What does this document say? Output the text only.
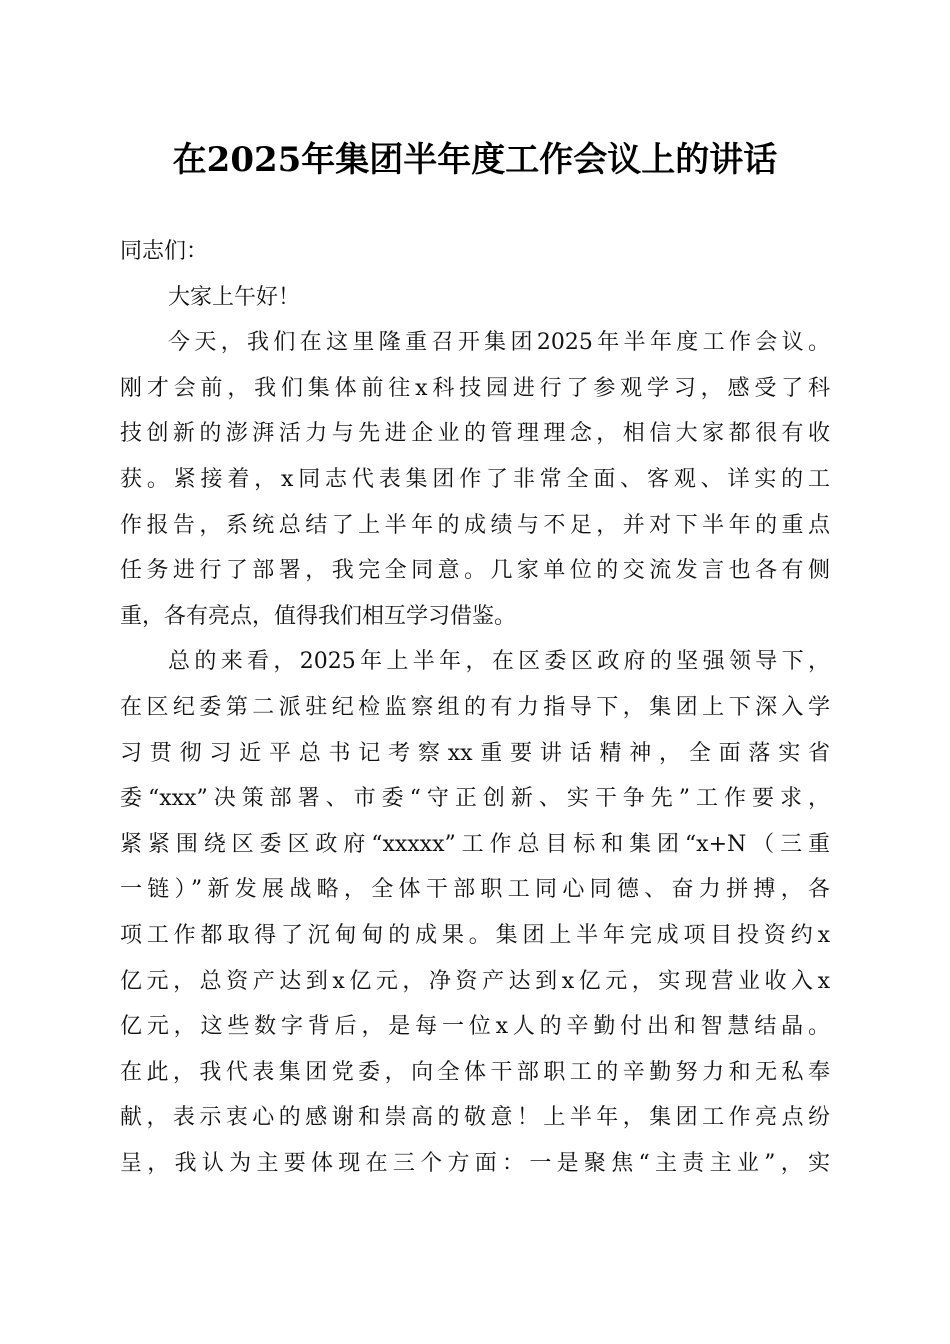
在2025年集团半年度工作会议上的讲话

同志们：

大家上午好！

今天，我们在这里隆重召开集团2025年半年度工作会议。

刚才会前，我们集体前往x科技园进行了参观学习，感受了科

技创新的澎湃活力与先进企业的管理理念，相信大家都很有收

获。紧接着，x同志代表集团作了非常全面、客观、详实的工

作报告，系统总结了上半年的成绩与不足，并对下半年的重点

任务进行了部署，我完全同意。几家单位的交流发言也各有侧

重，各有亮点，值得我们相互学习借鉴。

总的来看，2025年上半年，在区委区政府的坚强领导下，

在区纪委第二派驻纪检监察组的有力指导下，集团上下深入学

习贯彻习近平总书记考察xx重要讲话精神，全面落实省

委“xxx”决策部署、市委“守正创新、实干争先”工作要求，

紧紧围绕区委区政府“xxxxx”工作总目标和集团“x+N（三重

一链）”新发展战略，全体干部职工同心同德、奋力拼搏，各

项工作都取得了沉甸甸的成果。集团上半年完成项目投资约x

亿元，总资产达到x亿元，净资产达到x亿元，实现营业收入x

亿元，这些数字背后，是每一位x人的辛勤付出和智慧结晶。

在此，我代表集团党委，向全体干部职工的辛勤努力和无私奉

献，表示衷心的感谢和崇高的敬意！上半年，集团工作亮点纷

呈，我认为主要体现在三个方面：一是聚焦“主责主业”，实
